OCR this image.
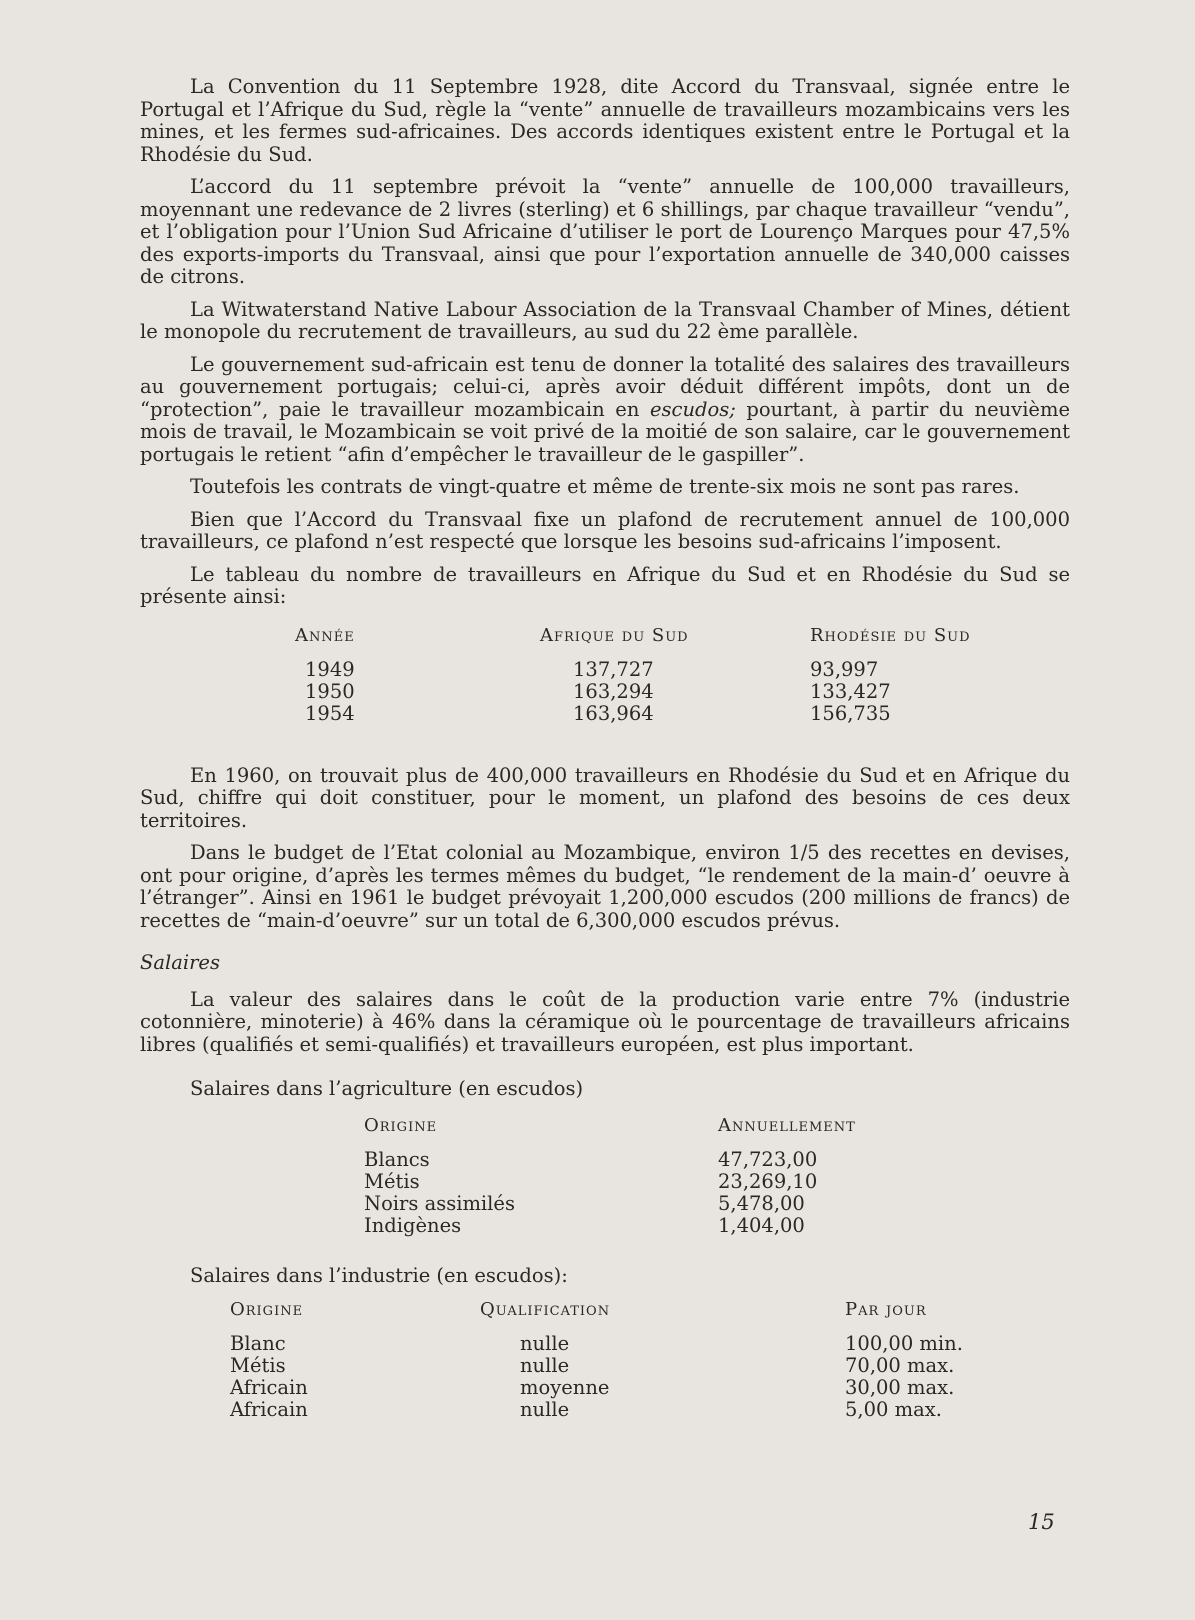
La Convention du 11 Septembre 1928, dite Accord du Transvaal, signée entre le Portugal et l’Afrique du Sud, règle la “vente” annuelle de travailleurs mozambicains vers les mines, et les fermes sud-africaines. Des accords identiques existent entre le Portugal et la Rhodésie du Sud.

L’accord du 11 septembre prévoit la “vente” annuelle de 100,000 travailleurs, moyennant une redevance de 2 livres (sterling) et 6 shillings, par chaque travailleur “vendu”, et l’obligation pour l’Union Sud Africaine d’utiliser le port de Lourenço Marques pour 47,5% des exports-imports du Transvaal, ainsi que pour l’exportation annuelle de 340,000 caisses de citrons.

La Witwaterstand Native Labour Association de la Transvaal Chamber of Mines, détient le monopole du recrutement de travailleurs, au sud du 22 ème parallèle.

Le gouvernement sud-africain est tenu de donner la totalité des salaires des travailleurs au gouvernement portugais; celui-ci, après avoir déduit différent impôts, dont un de “protection”, paie le travailleur mozambicain en escudos; pourtant, à partir du neuvième mois de travail, le Mozambicain se voit privé de la moitié de son salaire, car le gouvernement portugais le retient “afin d’empêcher le travailleur de le gaspiller”.

Toutefois les contrats de vingt-quatre et même de trente-six mois ne sont pas rares.

Bien que l’Accord du Transvaal fixe un plafond de recrutement annuel de 100,000 travailleurs, ce plafond n’est respecté que lorsque les besoins sud-africains l’imposent.

Le tableau du nombre de travailleurs en Afrique du Sud et en Rhodésie du Sud se présente ainsi:

Année	Afrique du Sud	Rhodésie du Sud
1949	137,727	93,997
1950	163,294	133,427
1954	163,964	156,735

En 1960, on trouvait plus de 400,000 travailleurs en Rhodésie du Sud et en Afrique du Sud, chiffre qui doit constituer, pour le moment, un plafond des besoins de ces deux territoires.

Dans le budget de l’Etat colonial au Mozambique, environ 1/5 des recettes en devises, ont pour origine, d’après les termes mêmes du budget, “le rendement de la main-d’ oeuvre à l’étranger”. Ainsi en 1961 le budget prévoyait 1,200,000 escudos (200 millions de francs) de recettes de “main-d’oeuvre” sur un total de 6,300,000 escudos prévus.

Salaires

La valeur des salaires dans le coût de la production varie entre 7% (industrie cotonnière, minoterie) à 46% dans la céramique où le pourcentage de travailleurs africains libres (qualifiés et semi-qualifiés) et travailleurs européen, est plus important.

Salaires dans l’agriculture (en escudos)
Origine	Annuellement
Blancs	47,723,00
Métis	23,269,10
Noirs assimilés	5,478,00
Indigènes	1,404,00
Salaires dans l’industrie (en escudos):
Origine	Qualification	Par jour
Blanc	nulle	100,00 min.
Métis	nulle	70,00 max.
Africain	moyenne	30,00 max.
Africain	nulle	5,00 max.
15
